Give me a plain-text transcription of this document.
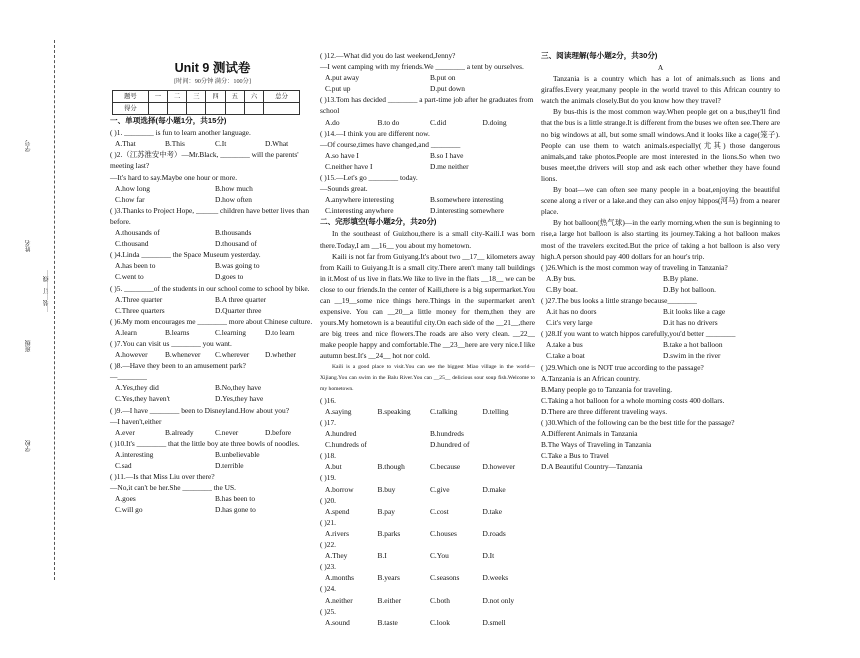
学校
班级
姓名
学号
…装…订…线…
Unit 9 测试卷
[时间：90分钟 满分：100分]
题号	一	二	三	四	五	六	总分
得分							
一、单项选择(每小题1分，共15分)
( )1. ________ is fun to learn another language.
A.That	B.This	C.It	D.What
( )2.（江苏淮安中考）—Mr.Black, ________ will the parents' meeting last?
—It's hard to say.Maybe one hour or more.
A.how long	B.how much
C.how far	D.how often
( )3.Thanks to Project Hope, ______ children have better lives than before.
A.thousands of	B.thousands
C.thousand	D.thousand of
( )4.Linda ________ the Space Museum yesterday.
A.has been to	B.was going to
C.went to	D.goes to
( )5. ________of the students in our school come to school by bike.
A.Three quarter	B.A three quarter
C.Three quarters	D.Quarter three
( )6.My mom encourages me ________ more about Chinese culture.
A.learn	B.learns	C.learning	D.to learn
( )7.You can visit us ________ you want.
A.however	B.whenever	C.wherever	D.whether
( )8.—Have they been to an amusement park?
—________
A.Yes,they did	B.No,they have
C.Yes,they haven't	D.Yes,they have
( )9.—I have ________ been to Disneyland.How about you?
—I haven't,either
A.ever	B.already	C.never	D.before
( )10.It's ________ that the little boy ate three bowls of noodles.
A.interesting	B.unbelievable
C.sad	D.terrible
( )11.—Is that Miss Liu over there?
—No,it can't be her.She ________ the US.
A.goes	B.has been to
C.will go	D.has gone to
( )12.—What did you do last weekend,Jenny?
—I went camping with my friends.We ________ a tent by ourselves.
A.put away	B.put on
C.put up	D.put down
( )13.Tom has decided ________ a part-time job after he graduates from school
A.do	B.to do	C.did	D.doing
( )14.—I think you are different now.
—Of course,times have changed,and ________
A.so have I	B.so I have
C.neither have I	D.me neither
( )15.—Let's go ________ today.
—Sounds great.
A.anywhere interesting	B.somewhere interesting
C.interesting anywhere	D.interesting somewhere
二、完形填空(每小题2分，共20分)

In the southeast of Guizhou,there is a small city-Kaili.I was born there.Today,I am __16__ you about my hometown.

Kaili is not far from Guiyang.It's about two __17__ kilometers away from Kaili to Guiyang.It is a small city.There aren't many tall buildings in it.Most of us live in flats.We like to live in the flats __18__ we can be close to our friends.In the center of Kaili,there is a big supermarket.You can __19__some nice things here.Things in the supermarket aren't expensive. You can __20__a little money for them,then they are yours.My hometown is a beautiful city.On each side of the __21__,there are big trees and nice flowers.The roads are also very clean. __22__ make people happy and comfortable.The __23__here are very nice.I like autumn best.It's __24__ hot nor cold.

Kaili is a good place to visit.You can see the biggest Miao village in the world—Xijiang.You can swim in the Balu River.You can __25__ delicious sour soup fish.Welcome to my hometown.

( )16.
A.saying	B.speaking	C.talking	D.telling
( )17.
A.hundred	B.hundreds
C.hundreds of	D.hundred of
( )18.
A.but	B.though	C.because	D.however
( )19.
A.borrow	B.buy	C.give	D.make
( )20.
A.spend	B.pay	C.cost	D.take
( )21.
A.rivers	B.parks	C.houses	D.roads
( )22.
A.They	B.I	C.You	D.It
( )23.
A.months	B.years	C.seasons	D.weeks
( )24.
A.neither	B.either	C.both	D.not only
( )25.
A.sound	B.taste	C.look	D.smell
三、阅读理解(每小题2分，共30分)
A

Tanzania is a country which has a lot of animals.such as lions and giraffes.Every year,many people in the world travel to this African country to watch the animals closely.But do you know how they travel?

By bus-this is the most common way.When people get on a bus,they'll find that the bus is a little strange.It is different from the buses we often see.There are no big windows at all, but some small windows.And it looks like a cage(笼子). People can use them to watch animals.especially(尤其) those dangerous animals,and take photos.People are most interested in the lions.So when two buses meet,the drivers will stop and ask each other whether they have found lions.

By boat—we can often see many people in a boat,enjoying the beautiful scene along a river or a lake.and they can also enjoy hippos(河马) from a nearer place.

By hot balloon(热气球)—in the early morning.when the sun is beginning to rise,a large hot balloon is also starting its journey.Taking a hot balloon makes most of the travelers excited.But the price of taking a hot balloon is also very high.A person should pay 400 dollars for an hour's trip.

( )26.Which is the most common way of traveling in Tanzania?
A.By bus.	B.By plane.
C.By boat.	D.By hot balloon.
( )27.The bus looks a little strange because________
A.it has no doors	B.it looks like a cage
C.it's very large	D.it has no drivers
( )28.If you want to watch hippos carefully,you'd better ________
A.take a bus	B.take a hot balloon
C.take a boat	D.swim in the river
( )29.Which one is NOT true according to the passage?
A.Tanzania is an African country.
B.Many people go to Tanzania for traveling.
C.Taking a hot balloon for a whole morning costs 400 dollars.
D.There are three different traveling ways.
( )30.Which of the following can be the best title for the passage?
A.Different Animals in Tanzania
B.The Ways of Traveling in Tanzania
C.Take a Bus to Travel
D.A Beautiful Country—Tanzania
